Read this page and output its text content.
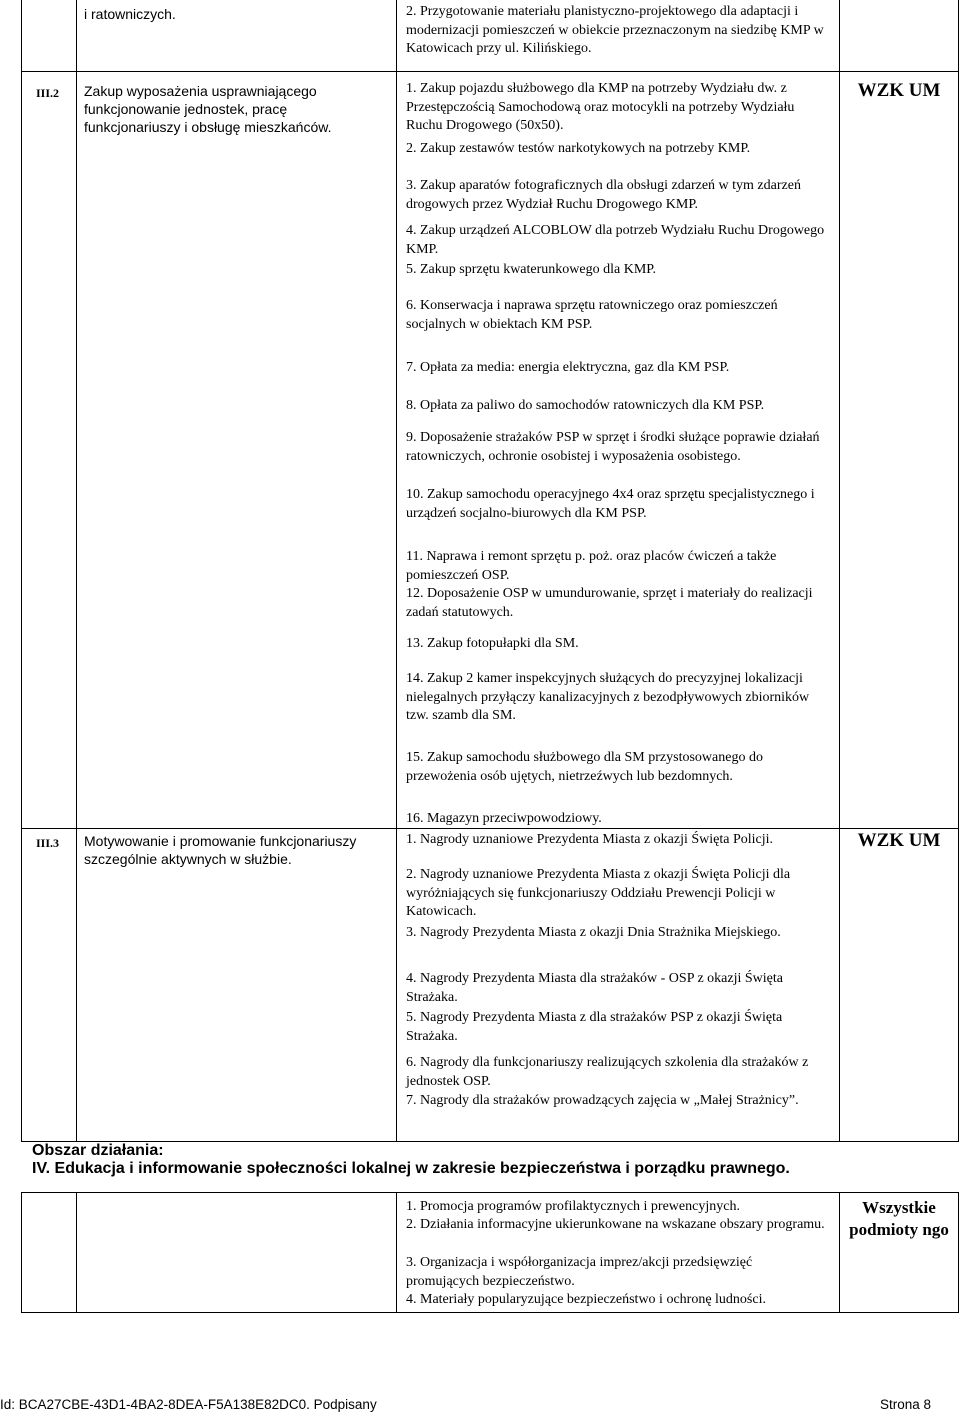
i ratowniczych.	2. Przygotowanie materiału planistyczno-projektowego dla adaptacji i modernizacji pomieszczeń w obiekcie przeznaczonym na siedzibę KMP w Katowicach przy ul. Kilińskiego.
III.2 Zakup wyposażenia usprawniającego funkcjonowanie jednostek, pracę funkcjonariuszy i obsługę mieszkańców.
WZK UM
1. Zakup pojazdu służbowego dla KMP na potrzeby Wydziału dw. z Przestępczością Samochodową oraz motocykli na potrzeby Wydziału Ruchu Drogowego (50x50).
2. Zakup zestawów testów narkotykowych na potrzeby KMP.
3. Zakup aparatów fotograficznych dla obsługi zdarzeń w tym zdarzeń drogowych przez Wydział Ruchu Drogowego KMP.
4. Zakup urządzeń ALCOBLOW dla potrzeb Wydziału Ruchu Drogowego KMP.
5. Zakup sprzętu kwaterunkowego dla KMP.
6. Konserwacja i naprawa sprzętu ratowniczego oraz pomieszczeń socjalnych w obiektach KM PSP.
7. Opłata za media: energia elektryczna, gaz dla KM PSP.
8. Opłata za paliwo do samochodów ratowniczych dla KM PSP.
9. Doposażenie strażaków PSP w sprzęt i środki służące poprawie działań ratowniczych, ochronie osobistej i wyposażenia osobistego.
10. Zakup samochodu operacyjnego 4x4 oraz sprzętu specjalistycznego i urządzeń socjalno-biurowych dla KM PSP.
11. Naprawa i remont sprzętu p. poż. oraz placów ćwiczeń a także pomieszczeń OSP.
12. Doposażenie OSP w umundurowanie, sprzęt i materiały do realizacji zadań statutowych.
13. Zakup fotopułapki dla SM.
14. Zakup 2 kamer inspekcyjnych służących do precyzyjnej lokalizacji nielegalnych przyłączy kanalizacyjnych z bezodpływowych zbiorników tzw. szamb dla SM.
15. Zakup samochodu służbowego dla SM przystosowanego do przewożenia osób ujętych, nietrzeźwych lub bezdomnych.
16. Magazyn przeciwpowodziowy.
III.3 Motywowanie i promowanie funkcjonariuszy szczególnie aktywnych w służbie.
WZK UM
1. Nagrody uznaniowe Prezydenta Miasta z okazji Święta Policji.
2. Nagrody uznaniowe Prezydenta Miasta z okazji Święta Policji dla wyróżniających się funkcjonariuszy Oddziału Prewencji Policji w Katowicach.
3. Nagrody Prezydenta Miasta z okazji Dnia Strażnika Miejskiego.
4. Nagrody Prezydenta Miasta dla strażaków - OSP z okazji Święta Strażaka.
5. Nagrody Prezydenta Miasta z dla strażaków PSP z okazji Święta Strażaka.
6. Nagrody dla funkcjonariuszy realizujących szkolenia dla strażaków z jednostek OSP.
7. Nagrody dla strażaków prowadzących zajęcia w „Małej Strażnicy”.
Obszar działania:
IV. Edukacja i informowanie społeczności lokalnej w zakresie bezpieczeństwa i porządku prawnego.
Wszystkie podmioty ngo
1. Promocja programów profilaktycznych i prewencyjnych.
2. Działania informacyjne ukierunkowane na wskazane obszary programu.
3. Organizacja i współorganizacja imprez/akcji przedsięwzięć promujących bezpieczeństwo.
4. Materiały popularyzujące bezpieczeństwo i ochronę ludności.
Id: BCA27CBE-43D1-4BA2-8DEA-F5A138E82DC0. Podpisany	Strona 8
